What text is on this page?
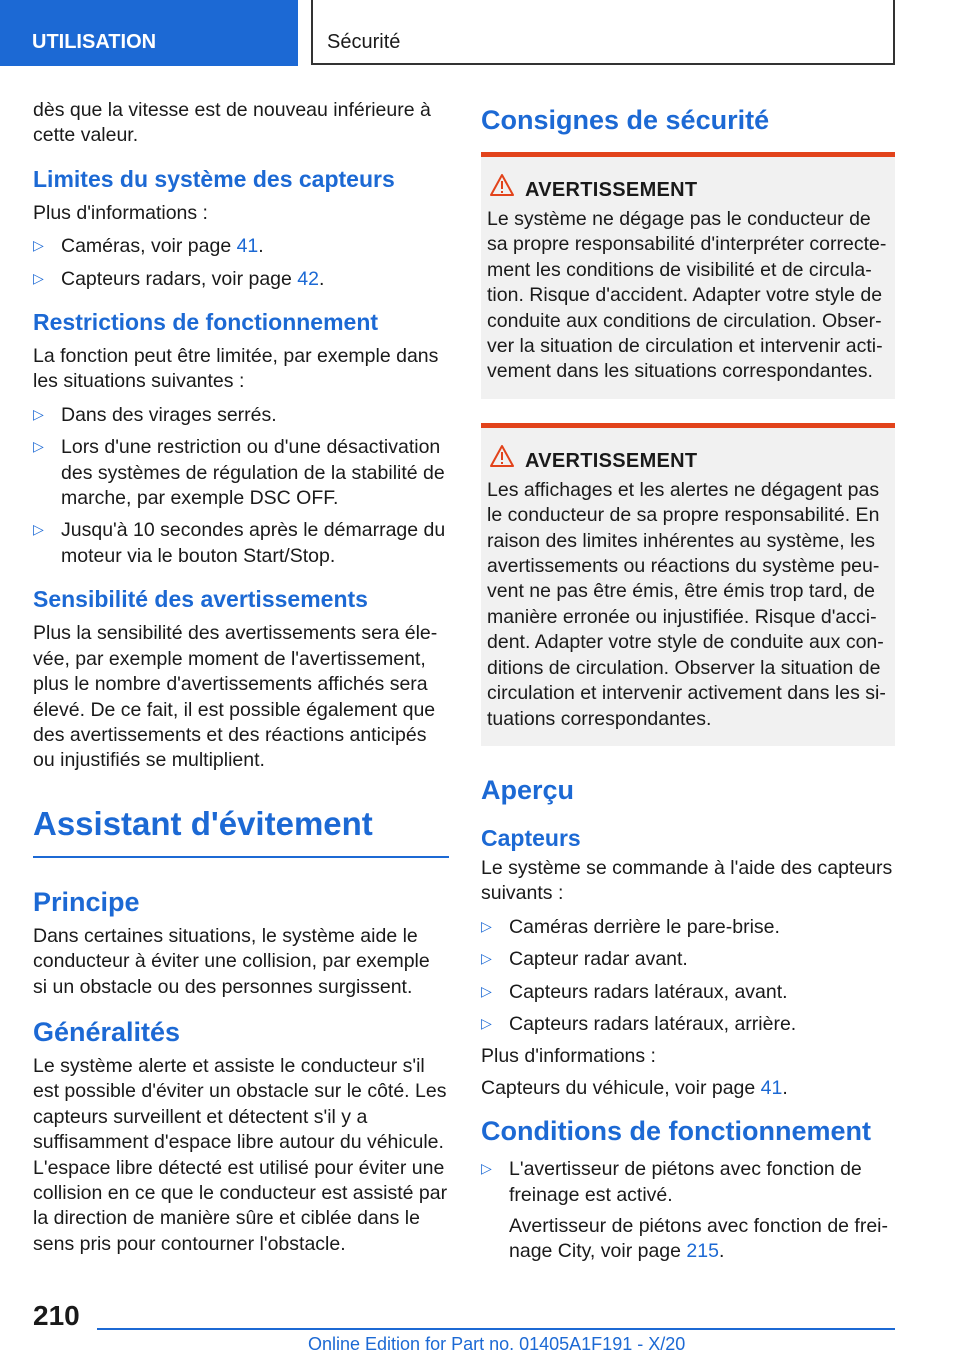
UTILISATION	Sécurité

dès que la vitesse est de nouveau inférieure à cette valeur.

Limites du système des capteurs

Plus d'informations :

▷ Caméras, voir page 41.
▷ Capteurs radars, voir page 42.
Restrictions de fonctionnement

La fonction peut être limitée, par exemple dans les situations suivantes :

▷ Dans des virages serrés.
▷ Lors d'une restriction ou d'une désactivation des systèmes de régulation de la stabilité de marche, par exemple DSC OFF.
▷ Jusqu'à 10 secondes après le démarrage du moteur via le bouton Start/Stop.
Sensibilité des avertissements

Plus la sensibilité des avertissements sera élevée, par exemple moment de l'avertissement, plus le nombre d'avertissements affichés sera élevé. De ce fait, il est possible également que des avertissements et des réactions anticipés ou injustifiés se multiplient.

Assistant d'évitement
Principe

Dans certaines situations, le système aide le conducteur à éviter une collision, par exemple si un obstacle ou des personnes surgissent.

Généralités

Le système alerte et assiste le conducteur s'il est possible d'éviter un obstacle sur le côté. Les capteurs surveillent et détectent s'il y a suffisamment d'espace libre autour du véhicule. L'espace libre détecté est utilisé pour éviter une collision en ce que le conducteur est assisté par la direction de manière sûre et ciblée dans le sens pris pour contourner l'obstacle.

Consignes de sécurité
AVERTISSEMENT

Le système ne dégage pas le conducteur de sa propre responsabilité d'interpréter correctement les conditions de visibilité et de circulation. Risque d'accident. Adapter votre style de conduite aux conditions de circulation. Observer la situation de circulation et intervenir activement dans les situations correspondantes.

AVERTISSEMENT

Les affichages et les alertes ne dégagent pas le conducteur de sa propre responsabilité. En raison des limites inhérentes au système, les avertissements ou réactions du système peuvent ne pas être émis, être émis trop tard, de manière erronée ou injustifiée. Risque d'accident. Adapter votre style de conduite aux conditions de circulation. Observer la situation de circulation et intervenir activement dans les situations correspondantes.

Aperçu
Capteurs

Le système se commande à l'aide des capteurs suivants :

▷ Caméras derrière le pare-brise.
▷ Capteur radar avant.
▷ Capteurs radars latéraux, avant.
▷ Capteurs radars latéraux, arrière.

Plus d'informations :

Capteurs du véhicule, voir page 41.

Conditions de fonctionnement
▷ L'avertisseur de piétons avec fonction de freinage est activé.
Avertisseur de piétons avec fonction de freinage City, voir page 215.
210
Online Edition for Part no. 01405A1F191 - X/20
